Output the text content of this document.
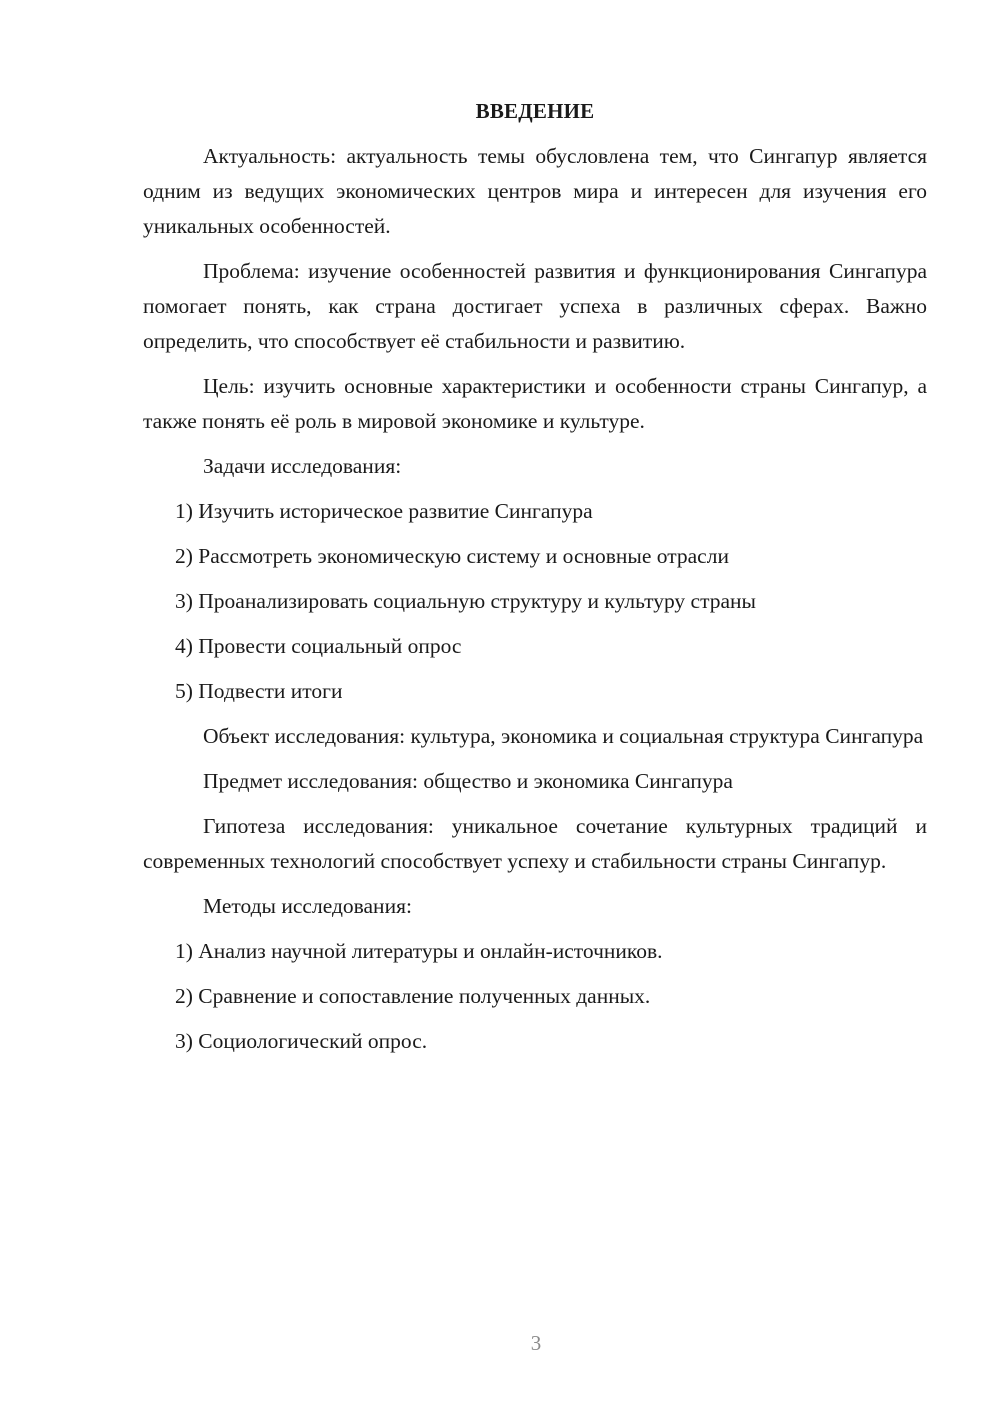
ВВЕДЕНИЕ

Актуальность: актуальность темы обусловлена тем, что Сингапур является одним из ведущих экономических центров мира и интересен для изучения его уникальных особенностей.

Проблема: изучение особенностей развития и функционирования Сингапура помогает понять, как страна достигает успеха в различных сферах. Важно определить, что способствует её стабильности и развитию.

Цель: изучить основные характеристики и особенности страны Сингапур, а также понять её роль в мировой экономике и культуре.

Задачи исследования:

1) Изучить историческое развитие Сингапура
2) Рассмотреть экономическую систему и основные отрасли
3) Проанализировать социальную структуру и культуру страны
4) Провести социальный опрос
5) Подвести итоги

Объект исследования: культура, экономика и социальная структура Сингапура

Предмет исследования: общество и экономика Сингапура

Гипотеза исследования: уникальное сочетание культурных традиций и современных технологий способствует успеху и стабильности страны Сингапур.

Методы исследования:

1) Анализ научной литературы и онлайн-источников.
2) Сравнение и сопоставление полученных данных.
3) Социологический опрос.
3
